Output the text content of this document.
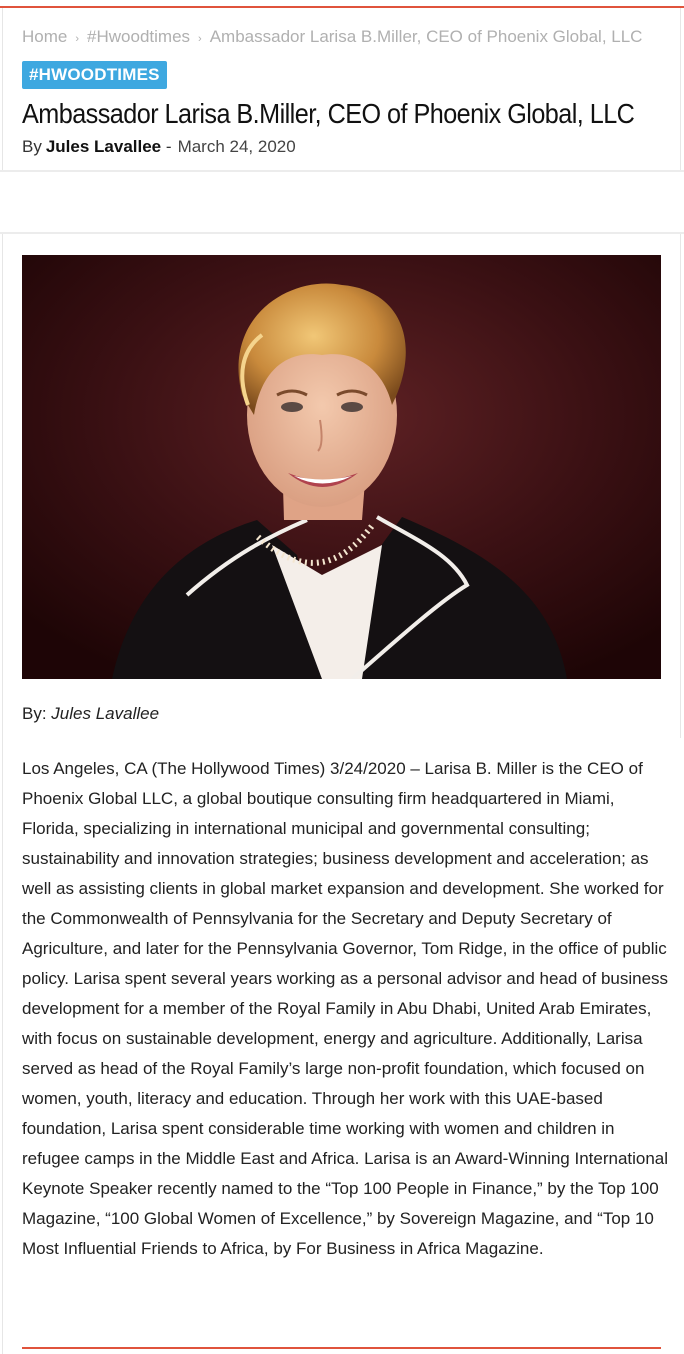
Home › #Hwoodtimes › Ambassador Larisa B.Miller, CEO of Phoenix Global, LLC
#HWOODTIMES
Ambassador Larisa B.Miller, CEO of Phoenix Global, LLC
By Jules Lavallee - March 24, 2020
By: Jules Lavallee

Los Angeles, CA (The Hollywood Times) 3/24/2020 – Larisa B. Miller is the CEO of Phoenix Global LLC, a global boutique consulting firm headquartered in Miami, Florida, specializing in international municipal and governmental consulting; sustainability and innovation strategies; business development and acceleration; as well as assisting clients in global market expansion and development. She worked for the Commonwealth of Pennsylvania for the Secretary and Deputy Secretary of Agriculture, and later for the Pennsylvania Governor, Tom Ridge, in the office of public policy. Larisa spent several years working as a personal advisor and head of business development for a member of the Royal Family in Abu Dhabi, United Arab Emirates, with focus on sustainable development, energy and agriculture. Additionally, Larisa served as head of the Royal Family’s large non-profit foundation, which focused on women, youth, literacy and education. Through her work with this UAE-based foundation, Larisa spent considerable time working with women and children in refugee camps in the Middle East and Africa. Larisa is an Award-Winning International Keynote Speaker recently named to the “Top 100 People in Finance,” by the Top 100 Magazine, “100 Global Women of Excellence,” by Sovereign Magazine, and “Top 10 Most Influential Friends to Africa, by For Business in Africa Magazine.
